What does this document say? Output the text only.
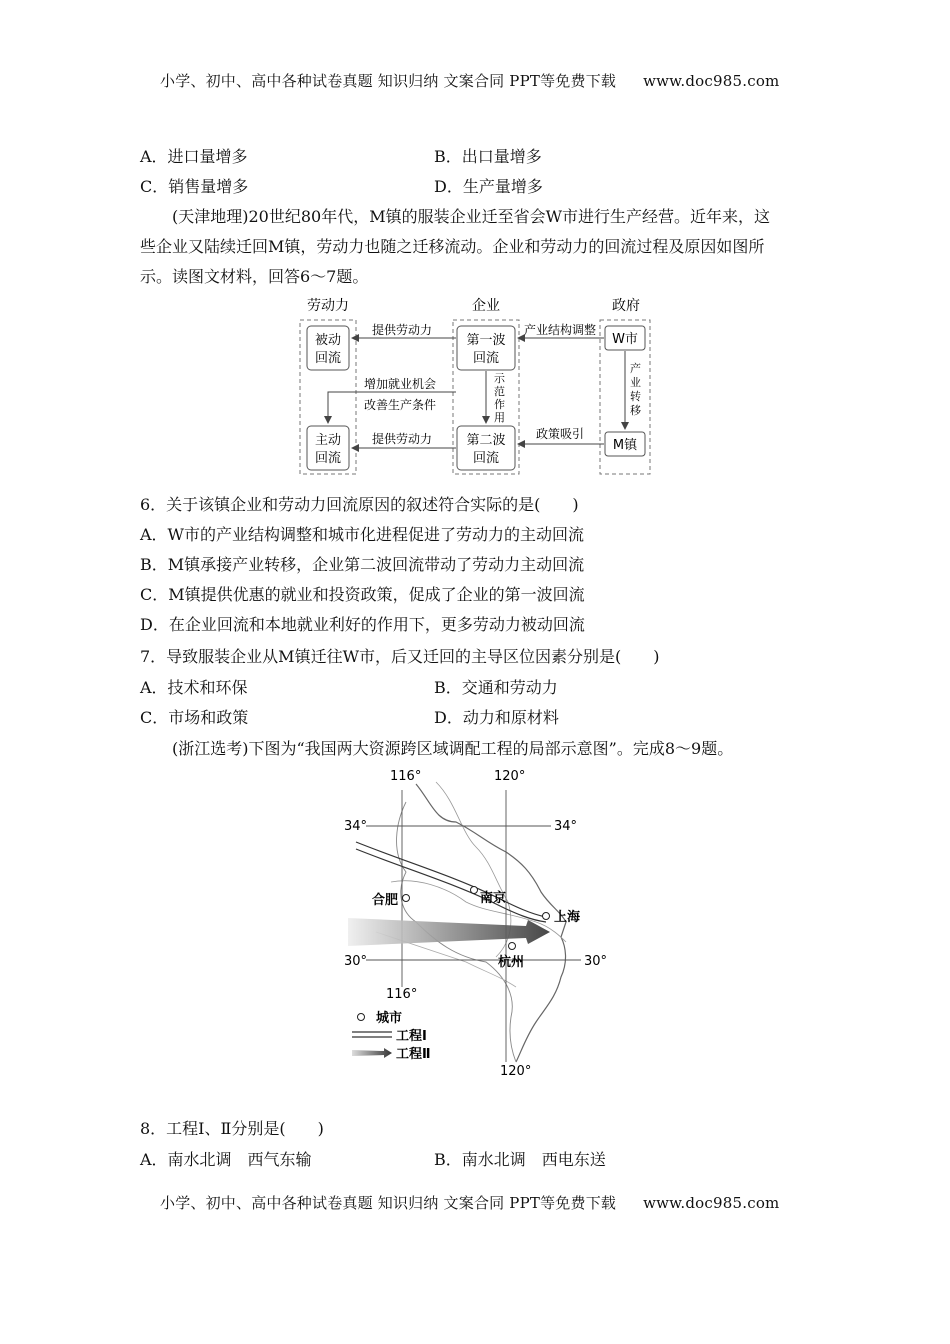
小学、初中、高中各种试卷真题 知识归纳 文案合同 PPT等免费下载 www.doc985.com
A．进口量增多	B．出口量增多
C．销售量增多	D．生产量增多
(天津地理)20世纪80年代，M镇的服装企业迁至省会W市进行生产经营。近年来，这
些企业又陆续迁回M镇，劳动力也随之迁移流动。企业和劳动力的回流过程及原因如图所
示。读图文材料，回答6～7题。
劳动力	企业	政府
被动
回流
主动
回流
第一波
回流
第二波
回流
W市
M镇
提供劳动力
提供劳动力
产业结构调整
政策吸引
增加就业机会
改善生产条件
示
范
作
用
产
业
转
移
6．关于该镇企业和劳动力回流原因的叙述符合实际的是(　　)
A．W市的产业结构调整和城市化进程促进了劳动力的主动回流
B．M镇承接产业转移，企业第二波回流带动了劳动力主动回流
C．M镇提供优惠的就业和投资政策，促成了企业的第一波回流
D．在企业回流和本地就业利好的作用下，更多劳动力被动回流
7．导致服装企业从M镇迁往W市，后又迁回的主导区位因素分别是(　　)
A．技术和环保	B．交通和劳动力
C．市场和政策	D．动力和原材料
(浙江选考)下图为“我国两大资源跨区域调配工程的局部示意图”。完成8～9题。
116°	120°
34°	34°
30°	30°
116°
120°
合肥	南京
上海
杭州
城市
工程Ⅰ
工程Ⅱ
8．工程Ⅰ、Ⅱ分别是(　　)
A．南水北调　西气东输	B．南水北调　西电东送
小学、初中、高中各种试卷真题 知识归纳 文案合同 PPT等免费下载 www.doc985.com
